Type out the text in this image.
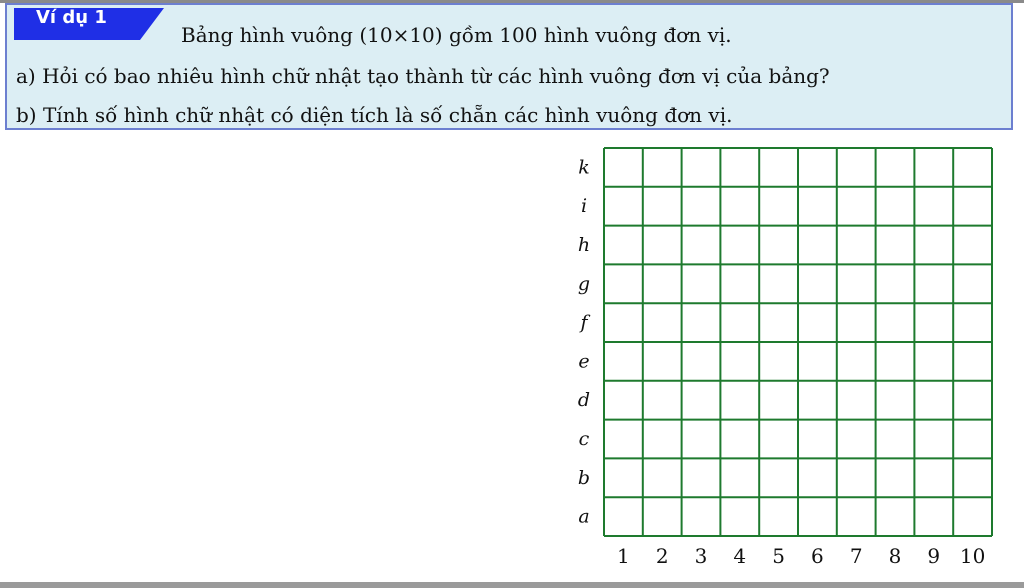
Ví dụ 1
Bảng hình vuông (10×10) gồm 100 hình vuông đơn vị.
a) Hỏi có bao nhiêu hình chữ nhật tạo thành từ các hình vuông đơn vị của bảng?
b) Tính số hình chữ nhật có diện tích là số chẵn các hình vuông đơn vị.
k
i
h
g
f
e
d
c
b
a
1 2 3 4 5 6 7 8 9 10
